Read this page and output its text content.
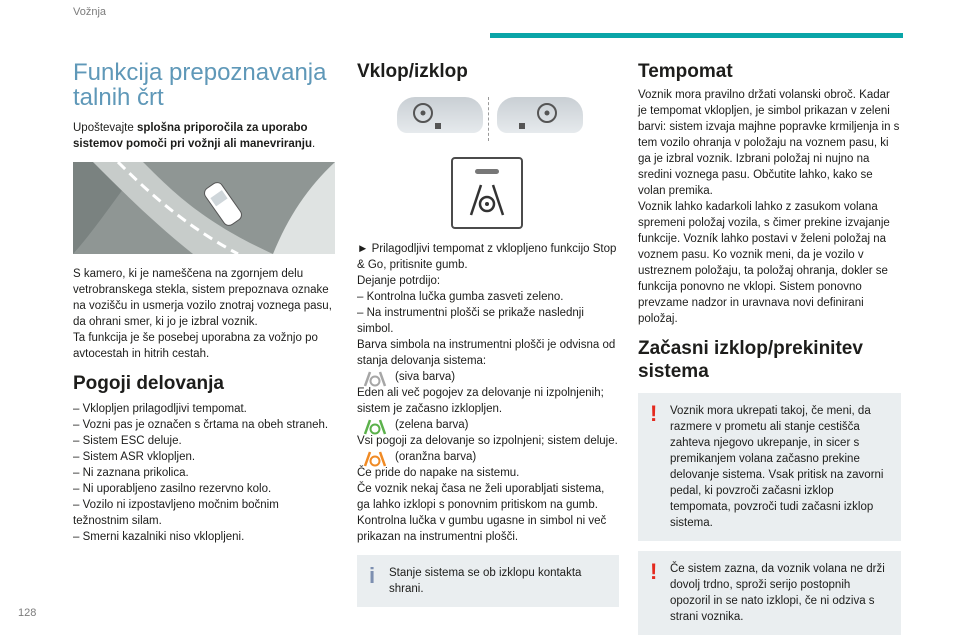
Vožnja
128
Funkcija prepoznavanja talnih črt

Upoštevajte splošna priporočila za uporabo sistemov pomoči pri vožnji ali manevriranju.

S kamero, ki je nameščena na zgornjem delu vetrobranskega stekla, sistem prepoznava oznake na vozišču in usmerja vozilo znotraj voznega pasu, da ohrani smer, ki jo je izbral voznik.

Ta funkcija je še posebej uporabna za vožnjo po avtocestah in hitrih cestah.

Pogoji delovanja

– Vklopljen prilagodljivi tempomat.

– Vozni pas je označen s črtama na obeh straneh.

– Sistem ESC deluje.

– Sistem ASR vklopljen.

– Ni zaznana prikolica.

– Ni uporabljeno zasilno rezervno kolo.

– Vozilo ni izpostavljeno močnim bočnim težnostnim silam.

– Smerni kazalniki niso vklopljeni.

Vklop/izklop

► Prilagodljivi tempomat z vklopljeno funkcijo Stop & Go, pritisnite gumb.

Dejanje potrdijo:

– Kontrolna lučka gumba zasveti zeleno.

– Na instrumentni plošči se prikaže naslednji simbol.

Barva simbola na instrumentni plošči je odvisna od stanja delovanja sistema:

(siva barva)

Eden ali več pogojev za delovanje ni izpolnjenih; sistem je začasno izklopljen.

(zelena barva)

Vsi pogoji za delovanje so izpolnjeni; sistem deluje.

(oranžna barva)

Če pride do napake na sistemu.

Če voznik nekaj časa ne želi uporabljati sistema, ga lahko izklopi s ponovnim pritiskom na gumb. Kontrolna lučka v gumbu ugasne in simbol ni več prikazan na instrumentni plošči.

i Stanje sistema se ob izklopu kontakta shrani.

Tempomat

Voznik mora pravilno držati volanski obroč. Kadar je tempomat vklopljen, je simbol prikazan v zeleni barvi: sistem izvaja majhne popravke krmiljenja in s tem vozilo ohranja v položaju na voznem pasu, ki ga je izbral voznik. Izbrani položaj ni nujno na sredini voznega pasu. Občutite lahko, kako se volan premika.

Voznik lahko kadarkoli lahko z zasukom volana spremeni položaj vozila, s čimer prekine izvajanje funkcije. Vozník lahko postavi v želeni položaj na voznem pasu. Ko voznik meni, da je vozilo v ustreznem položaju, ta položaj ohranja, dokler se funkcija ponovno ne vklopi. Sistem ponovno prevzame nadzor in uravnava novi definirani položaj.

Začasni izklop/prekinitev sistema
! Voznik mora ukrepati takoj, če meni, da razmere v prometu ali stanje cestišča zahteva njegovo ukrepanje, in sicer s premikanjem volana začasno prekine delovanje sistema. Vsak pritisk na zavorni pedal, ki povzroči začasni izklop tempomata, povzroči tudi začasni izklop sistema.

! Če sistem zazna, da voznik volana ne drži dovolj trdno, sproži serijo postopnih opozoril in se nato izklopi, če ni odziva s strani voznika.
